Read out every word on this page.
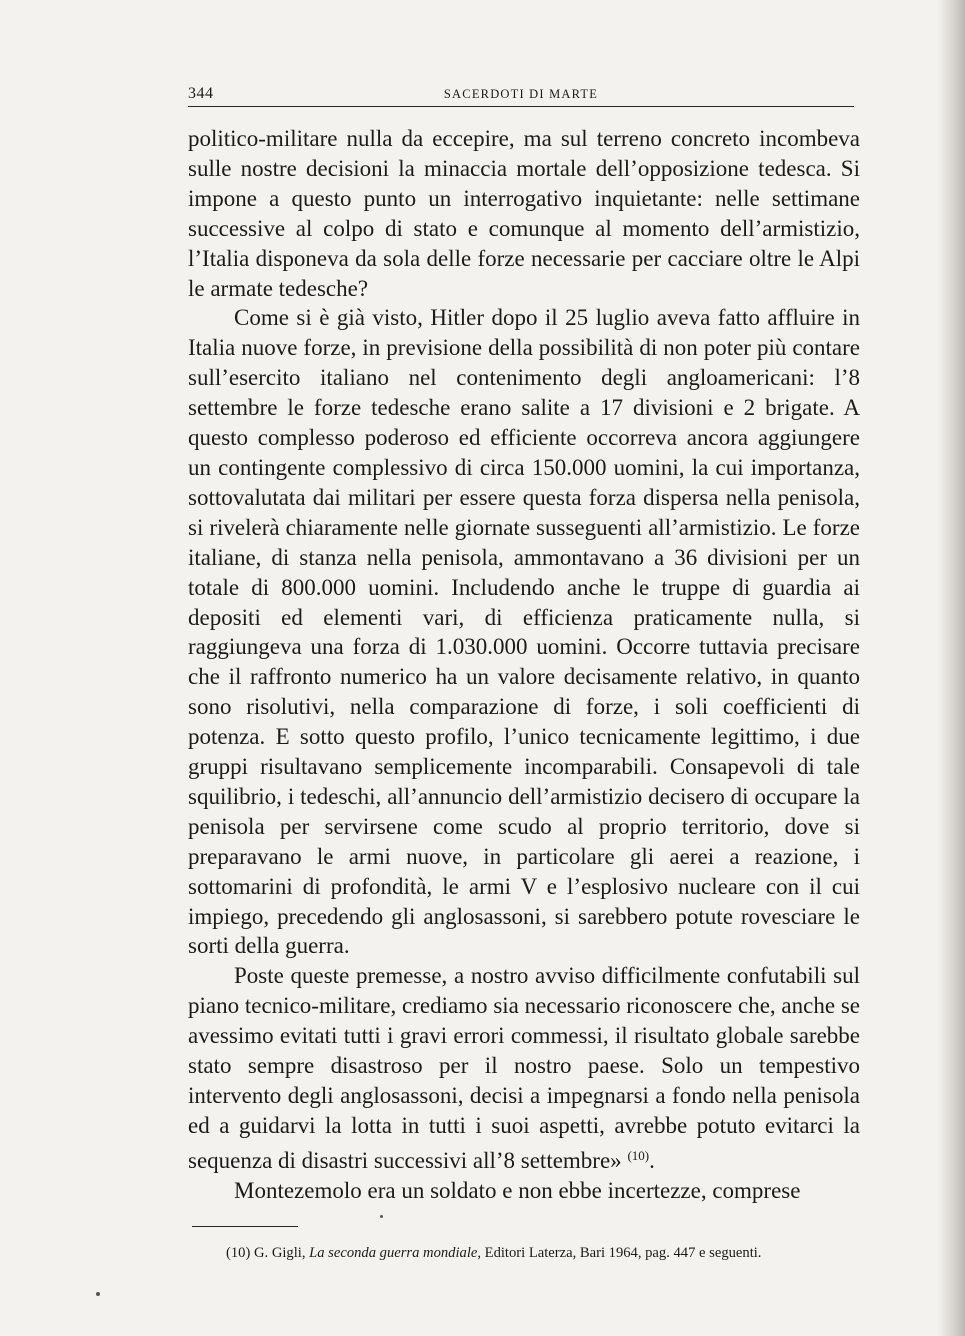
344	SACERDOTI DI MARTE

politico-militare nulla da eccepire, ma sul terreno concreto incombeva sulle nostre decisioni la minaccia mortale dell’opposizione tedesca. Si impone a questo punto un interrogativo inquietante: nelle settimane successive al colpo di stato e comunque al momento dell’armistizio, l’Italia disponeva da sola delle forze necessarie per cacciare oltre le Alpi le armate tedesche?

Come si è già visto, Hitler dopo il 25 luglio aveva fatto affluire in Italia nuove forze, in previsione della possibilità di non poter più contare sull’esercito italiano nel contenimento degli angloamericani: l’8 settembre le forze tedesche erano salite a 17 divisioni e 2 brigate. A questo complesso poderoso ed efficiente occorreva ancora aggiungere un contingente complessivo di circa 150.000 uomini, la cui importanza, sottovalutata dai militari per essere questa forza dispersa nella penisola, si rivelerà chiaramente nelle giornate susseguenti all’armistizio. Le forze italiane, di stanza nella penisola, ammontavano a 36 divisioni per un totale di 800.000 uomini. Includendo anche le truppe di guardia ai depositi ed elementi vari, di efficienza praticamente nulla, si raggiungeva una forza di 1.030.000 uomini. Occorre tuttavia precisare che il raffronto numerico ha un valore decisamente relativo, in quanto sono risolutivi, nella comparazione di forze, i soli coefficienti di potenza. E sotto questo profilo, l’unico tecnicamente legittimo, i due gruppi risultavano semplicemente incomparabili. Consapevoli di tale squilibrio, i tedeschi, all’annuncio dell’armistizio decisero di occupare la penisola per servirsene come scudo al proprio territorio, dove si preparavano le armi nuove, in particolare gli aerei a reazione, i sottomarini di profondità, le armi V e l’esplosivo nucleare con il cui impiego, precedendo gli anglosassoni, si sarebbero potute rovesciare le sorti della guerra.

Poste queste premesse, a nostro avviso difficilmente confutabili sul piano tecnico-militare, crediamo sia necessario riconoscere che, anche se avessimo evitati tutti i gravi errori commessi, il risultato globale sarebbe stato sempre disastroso per il nostro paese. Solo un tempestivo intervento degli anglosassoni, decisi a impegnarsi a fondo nella penisola ed a guidarvi la lotta in tutti i suoi aspetti, avrebbe potuto evitarci la sequenza di disastri successivi all’8 settembre» $^{(10)}$.

Montezemolo era un soldato e non ebbe incertezze, comprese

(10) G. Gigli, La seconda guerra mondiale, Editori Laterza, Bari 1964, pag. 447 e seguenti.
